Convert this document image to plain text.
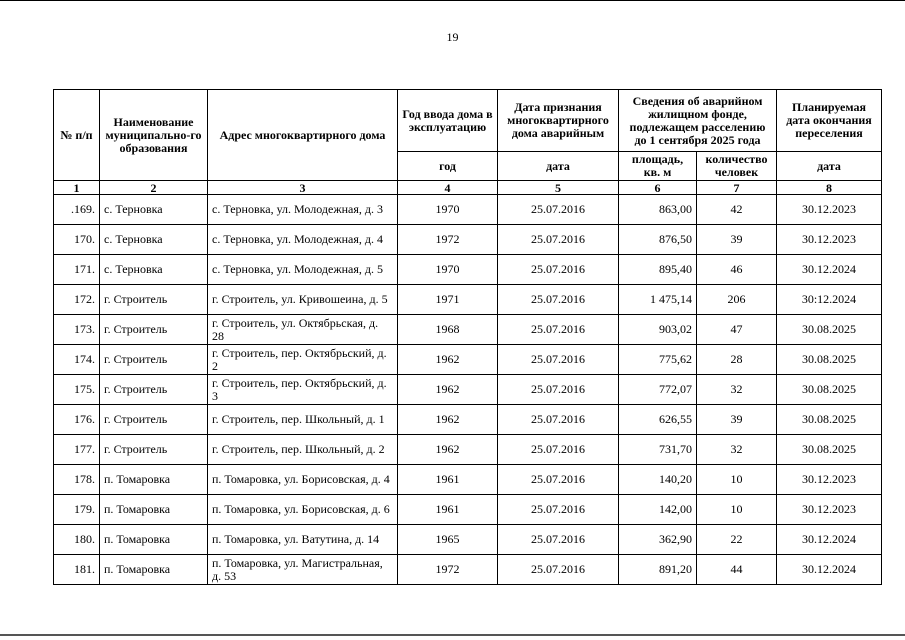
19
№ п/п	Наименование муниципально-го образования	Адрес многоквартирного дома	Год ввода дома в эксплуатацию	Дата признания многоквартирного дома аварийным	Сведения об аварийном жилищном фонде, подлежащем расселению до 1 сентября 2025 года		Планируемая дата окончания переселения
			год	дата	площадь, кв. м	количество человек	дата
1	2	3	4	5	6	7	8
.169.	с. Терновка	с. Терновка, ул. Молодежная, д. 3	1970	25.07.2016	863,00	42	30.12.2023
170.	с. Терновка	с. Терновка, ул. Молодежная, д. 4	1972	25.07.2016	876,50	39	30.12.2023
171.	с. Терновка	с. Терновка, ул. Молодежная, д. 5	1970	25.07.2016	895,40	46	30.12.2024
172.	г. Строитель	г. Строитель, ул. Кривошеина, д. 5	1971	25.07.2016	1 475,14	206	30:12.2024
173.	г. Строитель	г. Строитель, ул. Октябрьская, д. 28	1968	25.07.2016	903,02	47	30.08.2025
174.	г. Строитель	г. Строитель, пер. Октябрьский, д. 2	1962	25.07.2016	775,62	28	30.08.2025
175.	г. Строитель	г. Строитель, пер. Октябрьский, д. 3	1962	25.07.2016	772,07	32	30.08.2025
176.	г. Строитель	г. Строитель, пер. Школьный, д. 1	1962	25.07.2016	626,55	39	30.08.2025
177.	г. Строитель	г. Строитель, пер. Школьный, д. 2	1962	25.07.2016	731,70	32	30.08.2025
178.	п. Томаровка	п. Томаровка, ул. Борисовская, д. 4	1961	25.07.2016	140,20	10	30.12.2023
179.	п. Томаровка	п. Томаровка, ул. Борисовская, д. 6	1961	25.07.2016	142,00	10	30.12.2023
180.	п. Томаровка	п. Томаровка, ул. Ватутина, д. 14	1965	25.07.2016	362,90	22	30.12.2024
181.	п. Томаровка	п. Томаровка, ул. Магистральная, д. 53	1972	25.07.2016	891,20	44	30.12.2024
